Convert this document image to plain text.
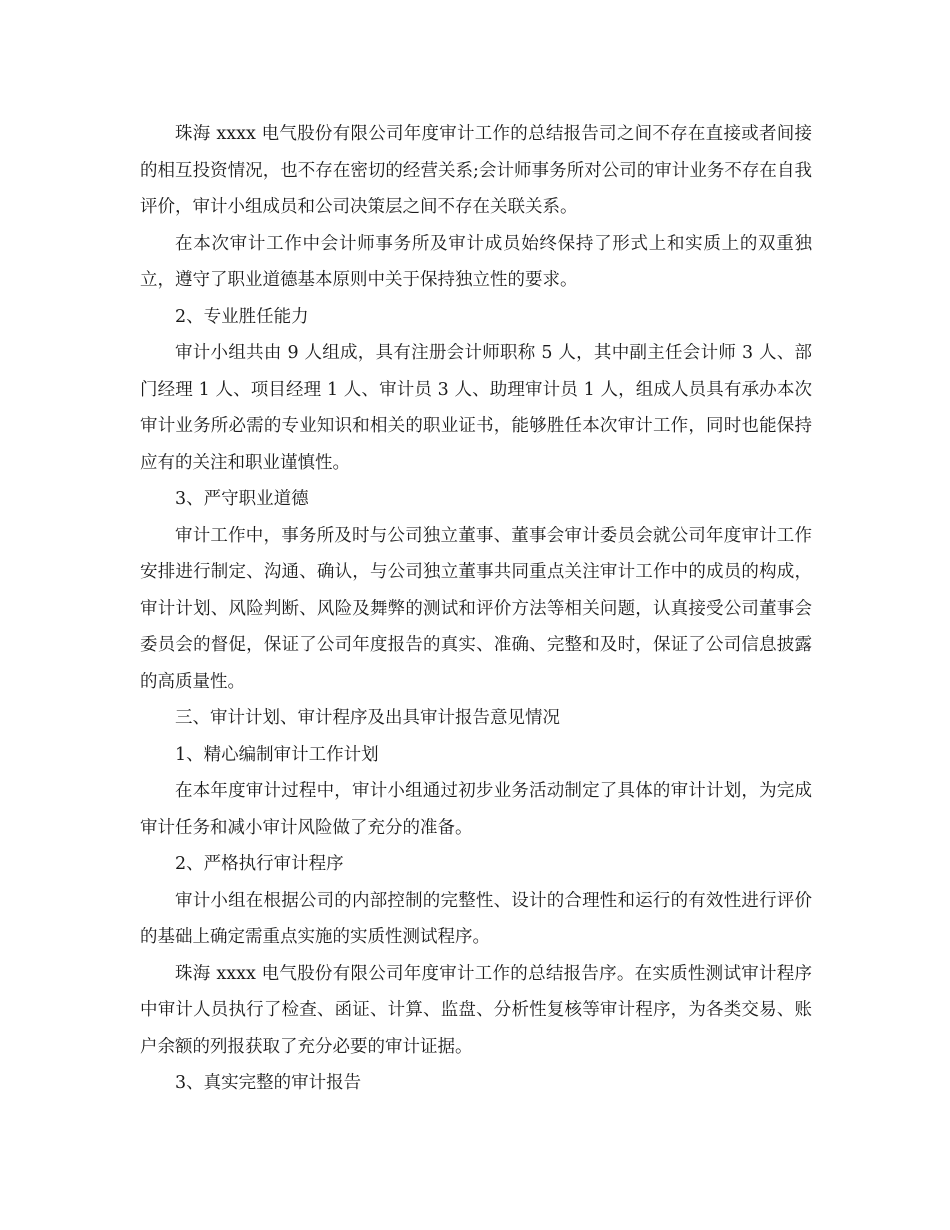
珠海 xxxx 电气股份有限公司年度审计工作的总结报告司之间不存在直接或者间接的相互投资情况，也不存在密切的经营关系;会计师事务所对公司的审计业务不存在自我评价，审计小组成员和公司决策层之间不存在关联关系。

在本次审计工作中会计师事务所及审计成员始终保持了形式上和实质上的双重独立，遵守了职业道德基本原则中关于保持独立性的要求。

2、专业胜任能力

审计小组共由 9 人组成，具有注册会计师职称 5 人，其中副主任会计师 3 人、部门经理 1 人、项目经理 1 人、审计员 3 人、助理审计员 1 人，组成人员具有承办本次审计业务所必需的专业知识和相关的职业证书，能够胜任本次审计工作，同时也能保持应有的关注和职业谨慎性。

3、严守职业道德

审计工作中，事务所及时与公司独立董事、董事会审计委员会就公司年度审计工作安排进行制定、沟通、确认，与公司独立董事共同重点关注审计工作中的成员的构成，审计计划、风险判断、风险及舞弊的测试和评价方法等相关问题，认真接受公司董事会委员会的督促，保证了公司年度报告的真实、准确、完整和及时，保证了公司信息披露的高质量性。

三、审计计划、审计程序及出具审计报告意见情况

1、精心编制审计工作计划

在本年度审计过程中，审计小组通过初步业务活动制定了具体的审计计划，为完成审计任务和减小审计风险做了充分的准备。

2、严格执行审计程序

审计小组在根据公司的内部控制的完整性、设计的合理性和运行的有效性进行评价的基础上确定需重点实施的实质性测试程序。

珠海 xxxx 电气股份有限公司年度审计工作的总结报告序。在实质性测试审计程序中审计人员执行了检查、函证、计算、监盘、分析性复核等审计程序，为各类交易、账户余额的列报获取了充分必要的审计证据。

3、真实完整的审计报告
